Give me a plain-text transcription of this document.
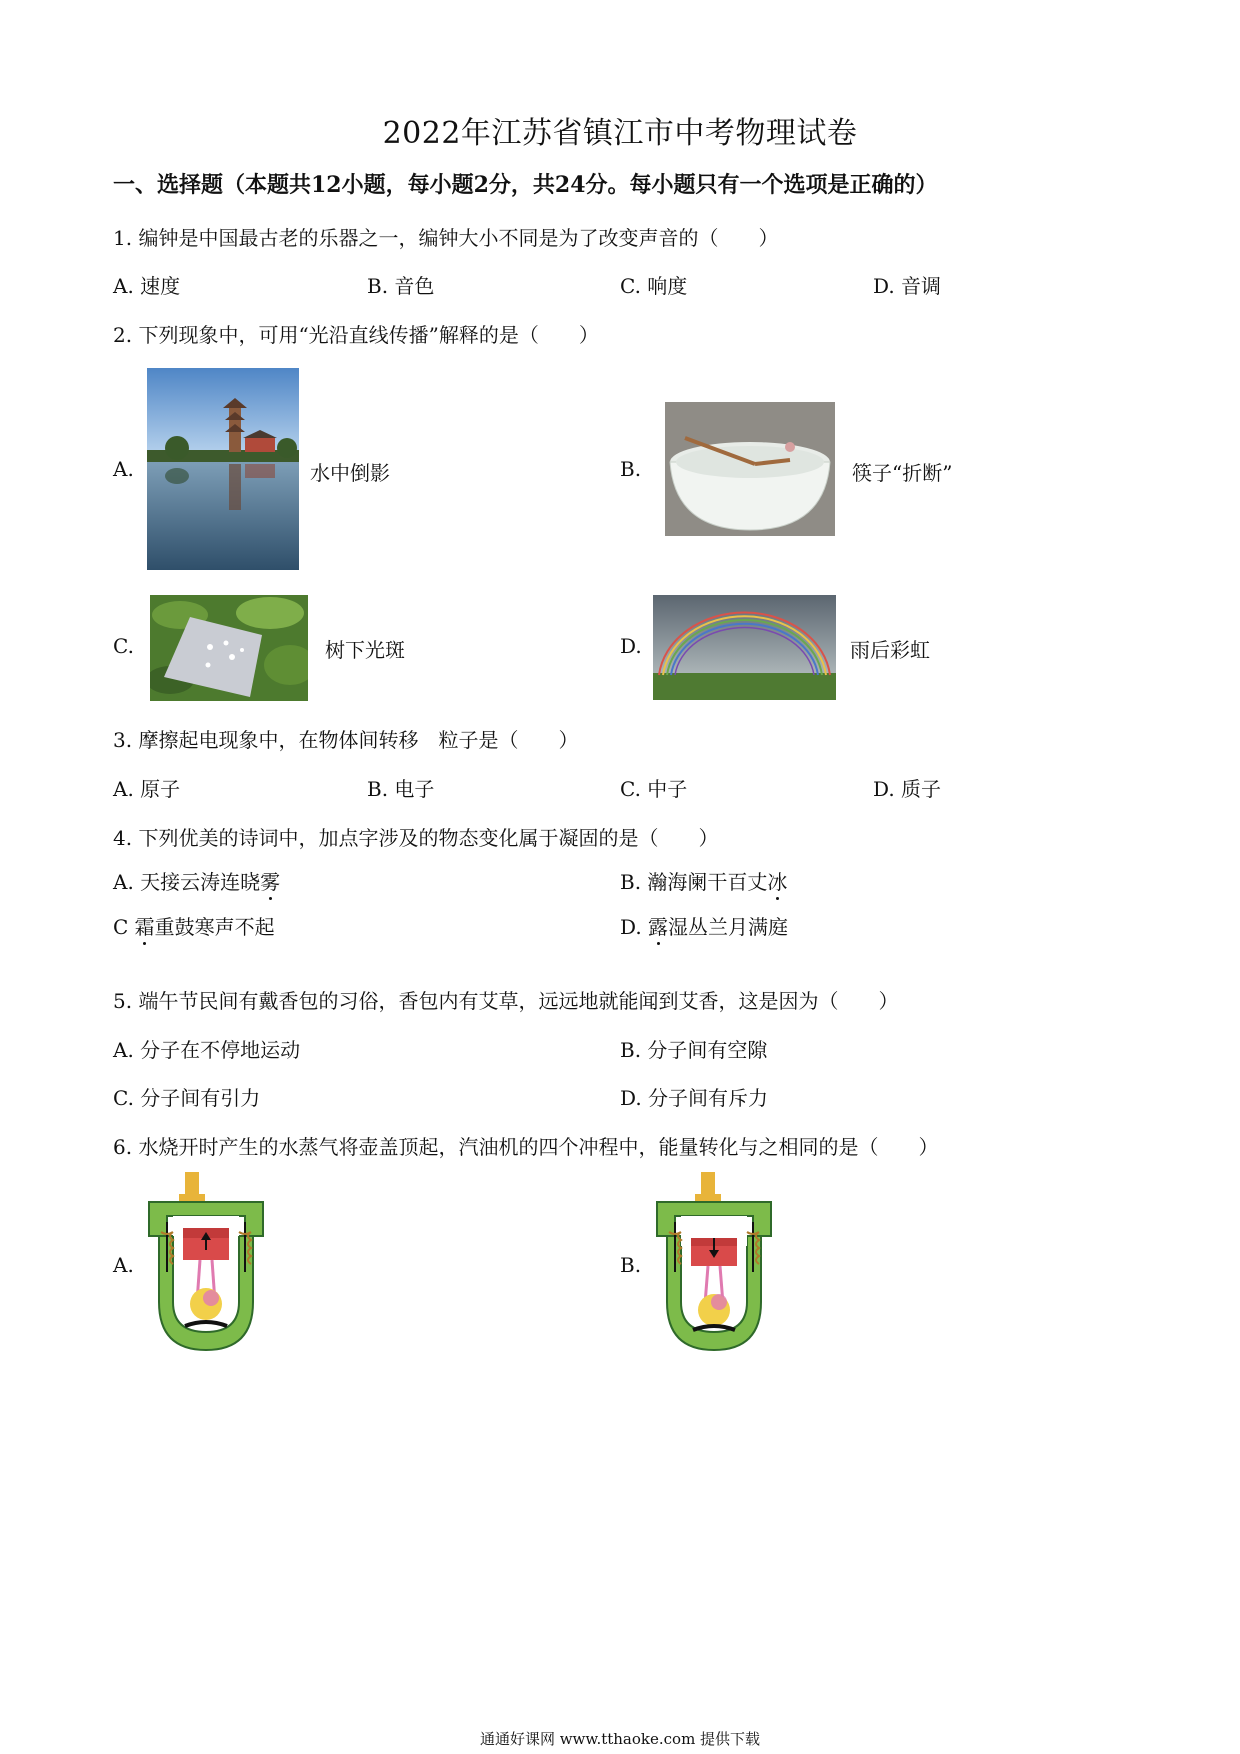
2022年江苏省镇江市中考物理试卷
一、选择题（本题共12小题，每小题2分，共24分。每小题只有一个选项是正确的）
1. 编钟是中国最古老的乐器之一，编钟大小不同是为了改变声音的（　　）
A. 速度	B. 音色	C. 响度	D. 音调
2. 下列现象中，可用“光沿直线传播”解释的是（　　）
A.	水中倒影	B.	筷子“折断”
C.	树下光斑	D.	雨后彩虹
3. 摩擦起电现象中，在物体间转移　粒子是（　　）
A. 原子	B. 电子	C. 中子	D. 质子
4. 下列优美的诗词中，加点字涉及的物态变化属于凝固的是（　　）
A. 天接云涛连晓雾	B. 瀚海阑干百丈冰
C 霜重鼓寒声不起	D. 露湿丛兰月满庭
5. 端午节民间有戴香包的习俗，香包内有艾草，远远地就能闻到艾香，这是因为（　　）
A. 分子在不停地运动	B. 分子间有空隙
C. 分子间有引力	D. 分子间有斥力
6. 水烧开时产生的水蒸气将壶盖顶起，汽油机的四个冲程中，能量转化与之相同的是（　　）
A.	B.
通通好课网 www.tthaoke.com 提供下载
